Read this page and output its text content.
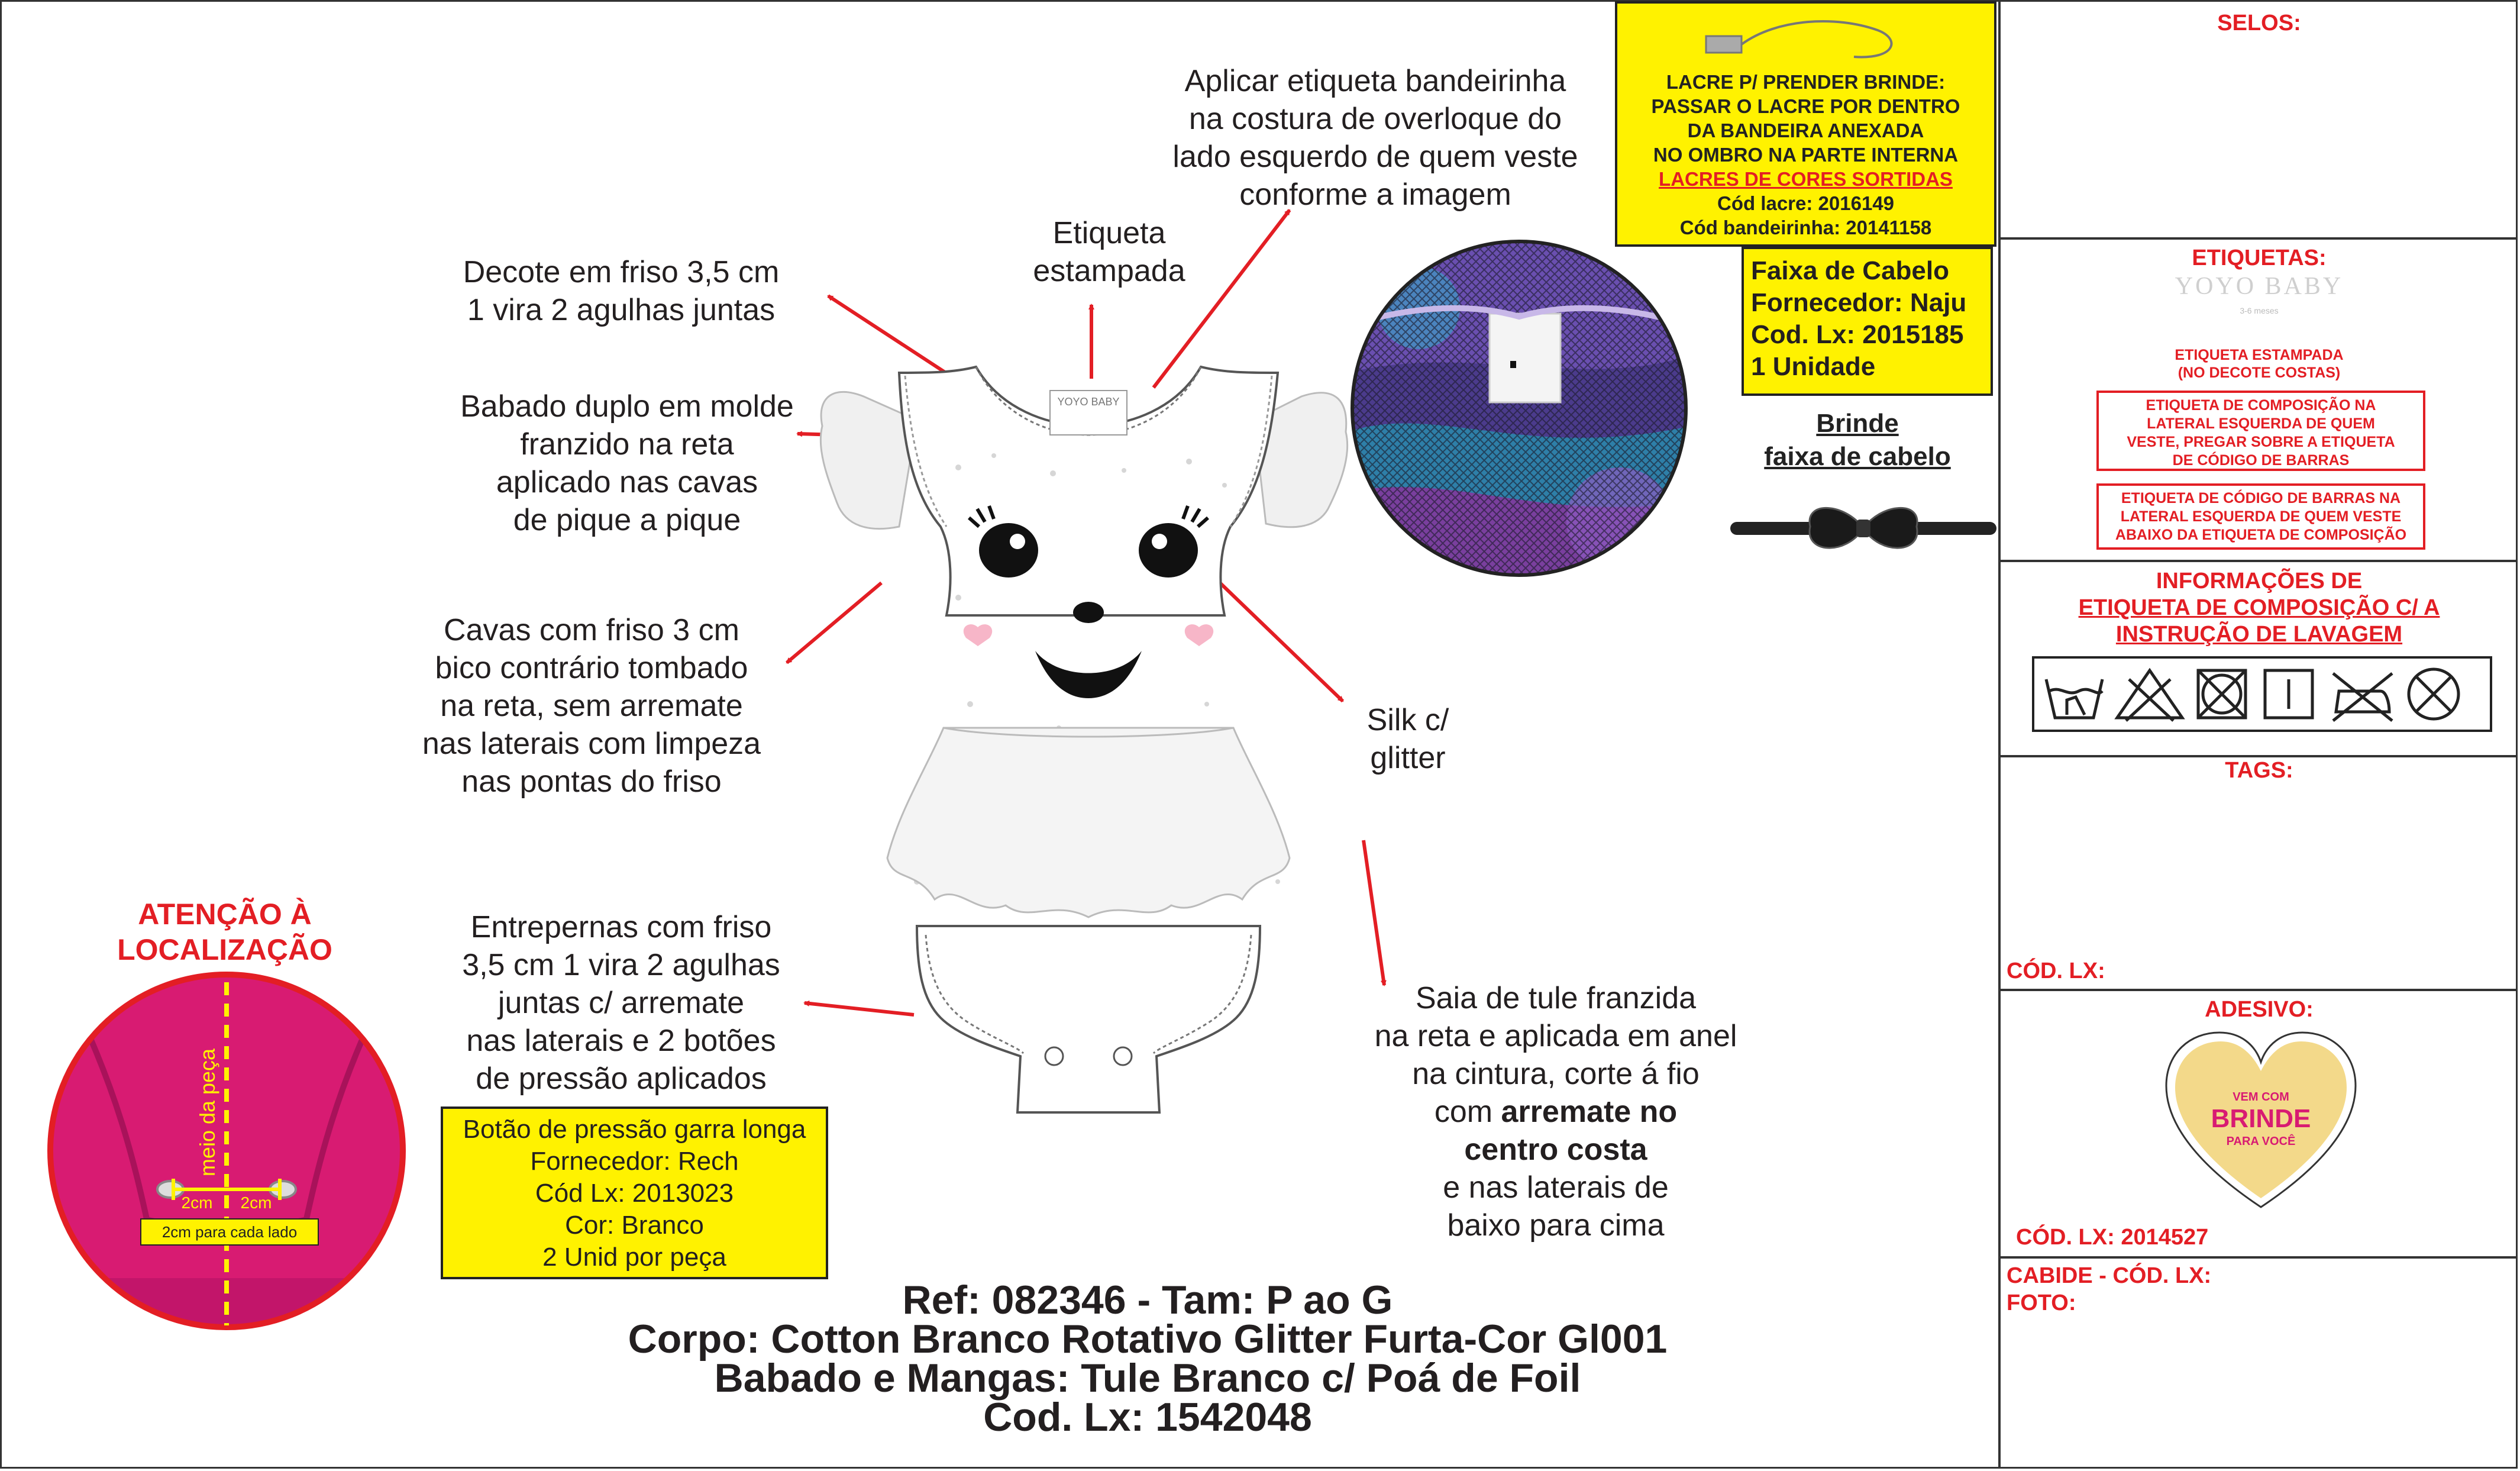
YOYO BABY
Aplicar etiqueta bandeirinha
na costura de overloque do
lado esquerdo de quem veste
conforme a imagem
Etiqueta
estampada
Decote em friso 3,5 cm
1 vira 2 agulhas juntas
Babado duplo em molde
franzido na reta
aplicado nas cavas
de pique a pique
Cavas com friso 3 cm
bico contrário tombado
na reta, sem arremate
nas laterais com limpeza
nas pontas do friso
Silk c/
glitter
Entrepernas com friso
3,5 cm 1 vira 2 agulhas
juntas c/ arremate
nas laterais e 2 botões
de pressão aplicados
Saia de tule franzida
na reta e aplicada em anel
na cintura, corte á fio
com arremate no
centro costa
e nas laterais de
baixo para cima
LACRE P/ PRENDER BRINDE:
PASSAR O LACRE POR DENTRO
DA BANDEIRA ANEXADA
NO OMBRO NA PARTE INTERNA
LACRES DE CORES SORTIDAS
Cód lacre: 2016149
Cód bandeirinha: 20141158
Faixa de Cabelo
Fornecedor: Naju
Cod. Lx: 2015185
1 Unidade
Brinde
faixa de cabelo
ATENÇÃO À
LOCALIZAÇÃO
meio da peça
2cm 2cm
2cm para cada lado
Botão de pressão garra longa
Fornecedor: Rech
Cód Lx: 2013023
Cor: Branco
2 Unid por peça
Ref: 082346 - Tam: P ao G
Corpo: Cotton Branco Rotativo Glitter Furta-Cor Gl001
Babado e Mangas: Tule Branco c/ Poá de Foil
Cod. Lx: 1542048
SELOS:
ETIQUETAS:
YOYO BABY
3-6 meses
ETIQUETA ESTAMPADA
(NO DECOTE COSTAS)
ETIQUETA DE COMPOSIÇÃO NA
LATERAL ESQUERDA DE QUEM
VESTE, PREGAR SOBRE A ETIQUETA
DE CÓDIGO DE BARRAS
ETIQUETA DE CÓDIGO DE BARRAS NA
LATERAL ESQUERDA DE QUEM VESTE
ABAIXO DA ETIQUETA DE COMPOSIÇÃO
INFORMAÇÕES DE
ETIQUETA DE COMPOSIÇÃO C/ A
INSTRUÇÃO DE LAVAGEM
TAGS:
CÓD. LX:
ADESIVO:
VEM COM
BRINDE
PARA VOCÊ
CÓD. LX: 2014527
CABIDE - CÓD. LX:
FOTO:
